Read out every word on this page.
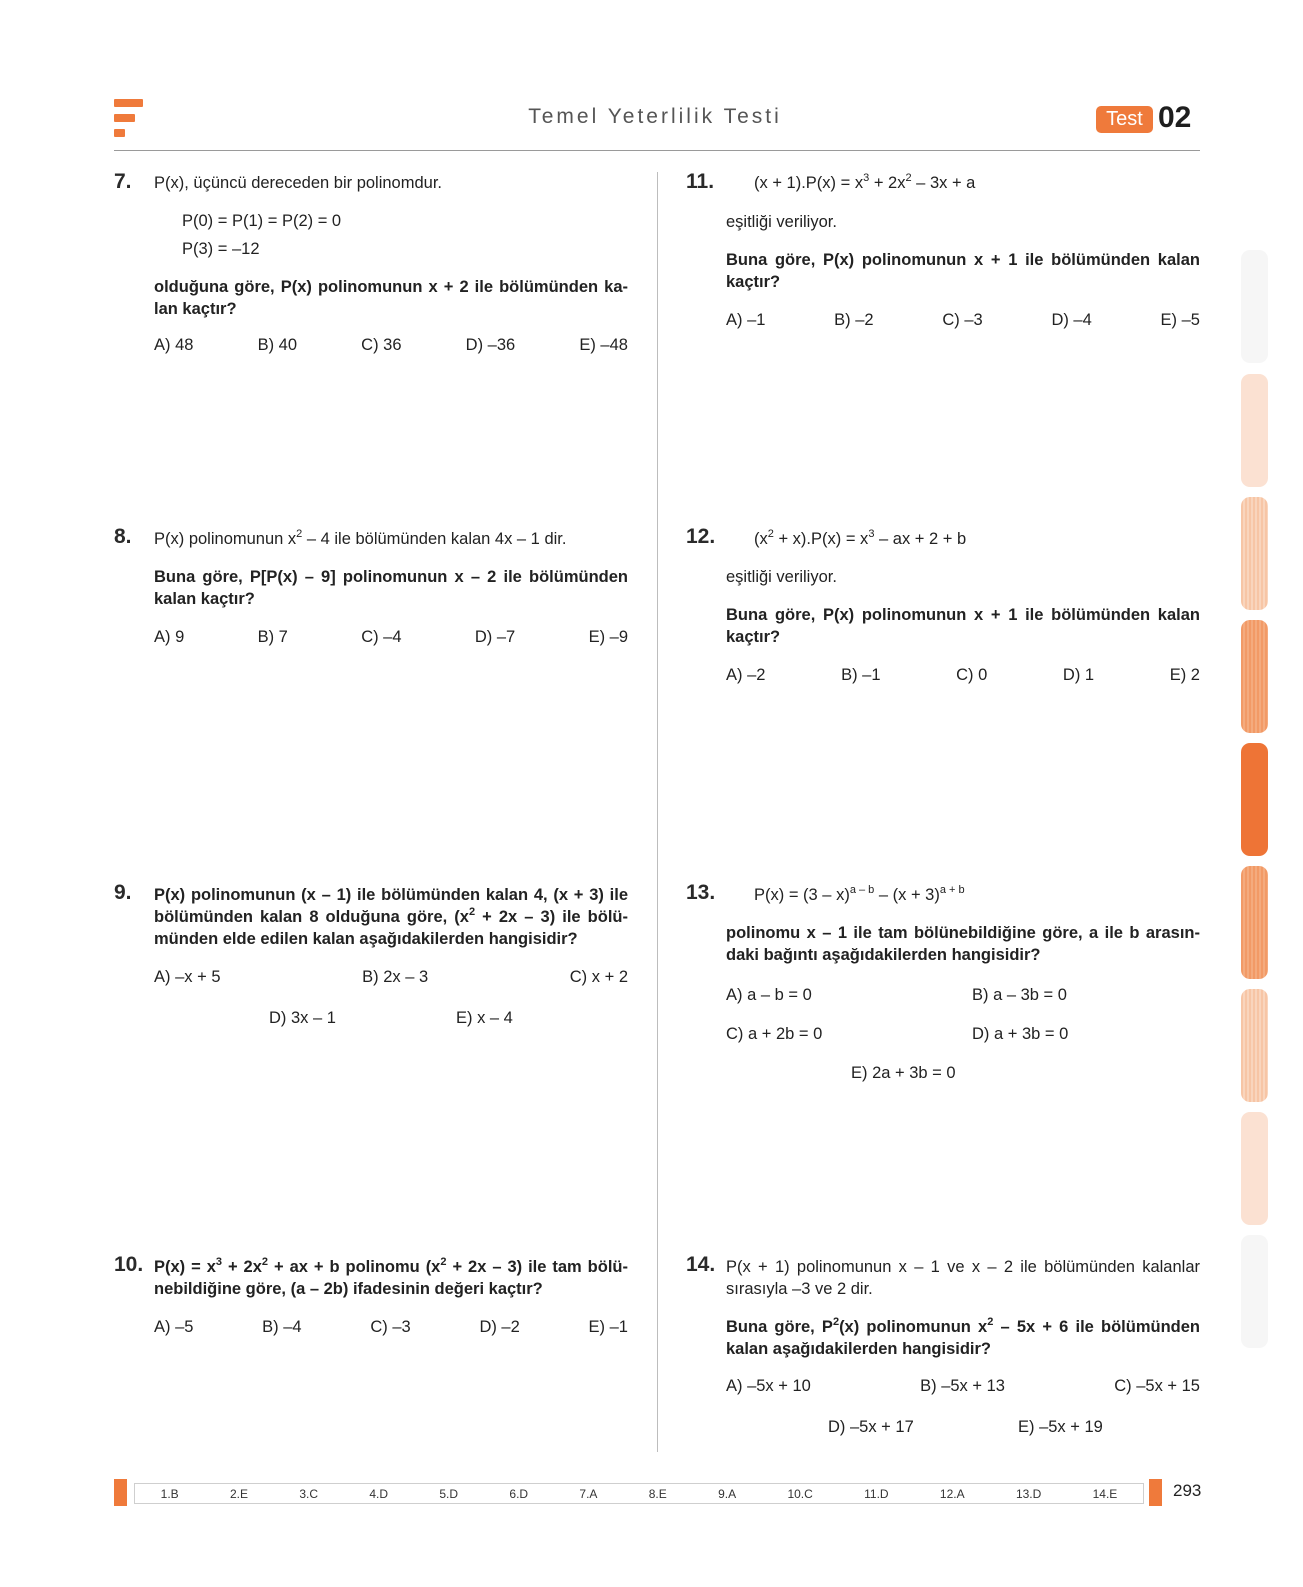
Temel Yeterlilik Testi	Test 02
7. P(x), üçüncü dereceden bir polinomdur.
P(0) = P(1) = P(2) = 0
P(3) = –12
olduğuna göre, P(x) polinomunun x + 2 ile bölümünden ka-lan kaçtır?
A) 48	B) 40	C) 36	D) –36	E) –48
8. P(x) polinomunun $x^2 - 4$ ile bölümünden kalan 4x – 1 dir.
Buna göre, P[P(x) – 9] polinomunun x – 2 ile bölümünden kalan kaçtır?
A) 9	B) 7	C) –4	D) –7	E) –9
9. P(x) polinomunun (x – 1) ile bölümünden kalan 4, (x + 3) ile bölümünden kalan 8 olduğuna göre, $(x^2 + 2x - 3)$ ile bölü-münden elde edilen kalan aşağıdakilerden hangisidir?
A) –x + 5	B) 2x – 3	C) x + 2
D) 3x – 1	E) x – 4
10. $P(x) = x^3 + 2x^2$ + ax + b polinomu $(x^2 + 2x - 3)$ ile tam bölü-nebildiğine göre, (a – 2b) ifadesinin değeri kaçtır?
A) –5	B) –4	C) –3	D) –2	E) –1
11. $(x + 1).P(x) = x^3 + 2x^2 - 3x + a$
eşitliği veriliyor.
Buna göre, P(x) polinomunun x + 1 ile bölümünden kalan kaçtır?
A) –1	B) –2	C) –3	D) –4	E) –5
12. $(x^2 + x).P(x) = x^3$ – ax + 2 + b
eşitliği veriliyor.
Buna göre, P(x) polinomunun x + 1 ile bölümünden kalan kaçtır?
A) –2	B) –1	C) 0	D) 1	E) 2
13. $P(x) = (3 - x)^{a - b} - (x + 3)^{a + b}$
polinomu x – 1 ile tam bölünebildiğine göre, a ile b arasın-daki bağıntı aşağıdakilerden hangisidir?
A) a – b = 0	B) a – 3b = 0
C) a + 2b = 0	D) a + 3b = 0
E) 2a + 3b = 0
14. P(x + 1) polinomunun x – 1 ve x – 2 ile bölümünden kalanlar sırasıyla –3 ve 2 dir.
Buna göre, $P^2(x)$ polinomunun $x^2 - 5x + 6$ ile bölümünden kalan aşağıdakilerden hangisidir?
A) –5x + 10	B) –5x + 13	C) –5x + 15
D) –5x + 17	E) –5x + 19
1.B	2.E	3.C	4.D	5.D	6.D	7.A	8.E	9.A	10.C	11.D	12.A	13.D	14.E	293
